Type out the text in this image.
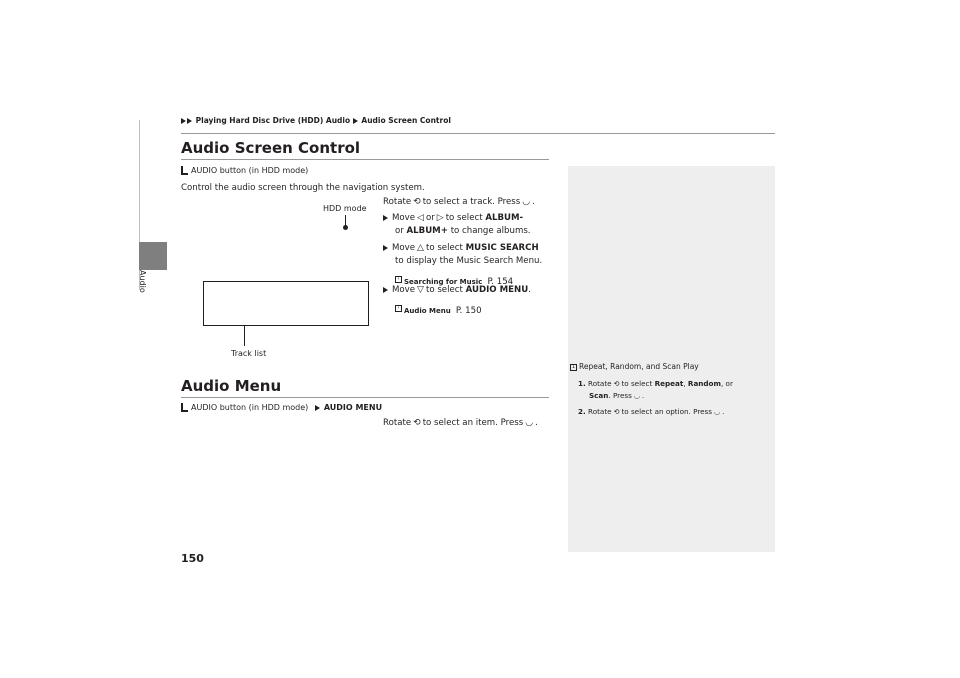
Audio
Playing Hard Disc Drive (HDD) Audio Audio Screen Control
Audio Screen Control
AUDIO button (in HDD mode)
Control the audio screen through the navigation system.
HDD mode
Track list
Rotate ⟲ to select a track. Press ◡ .
Move ◁ or ▷ to select ALBUM-
or ALBUM+ to change albums.
Move △ to select MUSIC SEARCH
to display the Music Search Menu.
› Searching for Music P. 154
Move ▽ to select AUDIO MENU.
› Audio Menu P. 150
Audio Menu
AUDIO button (in HDD mode) AUDIO MENU
Rotate ⟲ to select an item. Press ◡ .
1 Repeat, Random, and Scan Play
1. Rotate ⟲ to select Repeat, Random, or
Scan. Press ◡ .
2. Rotate ⟲ to select an option. Press ◡ .
150
